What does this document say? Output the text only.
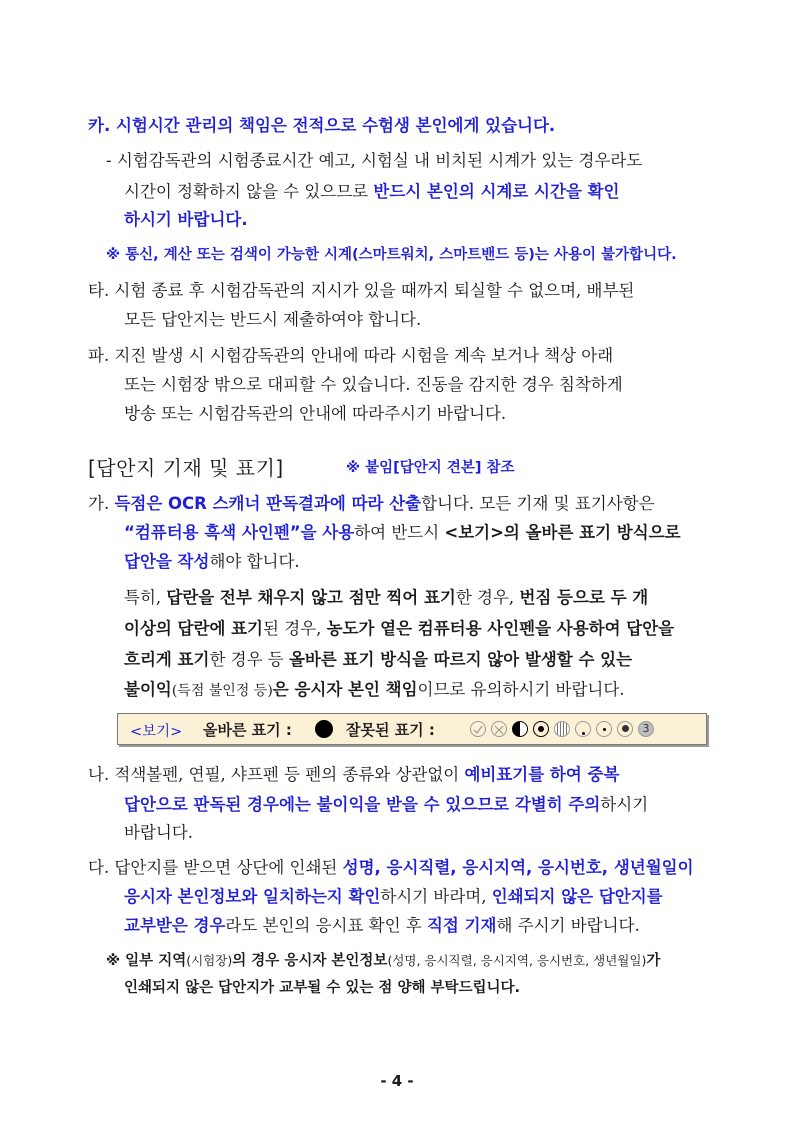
카. 시험시간 관리의 책임은 전적으로 수험생 본인에게 있습니다.
- 시험감독관의 시험종료시간 예고, 시험실 내 비치된 시계가 있는 경우라도
시간이 정확하지 않을 수 있으므로 반드시 본인의 시계로 시간을 확인
하시기 바랍니다.
※ 통신, 계산 또는 검색이 가능한 시계(스마트워치, 스마트밴드 등)는 사용이 불가합니다.
타. 시험 종료 후 시험감독관의 지시가 있을 때까지 퇴실할 수 없으며, 배부된
모든 답안지는 반드시 제출하여야 합니다.
파. 지진 발생 시 시험감독관의 안내에 따라 시험을 계속 보거나 책상 아래
또는 시험장 밖으로 대피할 수 있습니다. 진동을 감지한 경우 침착하게
방송 또는 시험감독관의 안내에 따라주시기 바랍니다.
[답안지 기재 및 표기]	※ 붙임[답안지 견본] 참조
가. 득점은 OCR 스캐너 판독결과에 따라 산출합니다. 모든 기재 및 표기사항은
“컴퓨터용 흑색 사인펜”을 사용하여 반드시 <보기>의 올바른 표기 방식으로
답안을 작성해야 합니다.
특히, 답란을 전부 채우지 않고 점만 찍어 표기한 경우, 번짐 등으로 두 개
이상의 답란에 표기된 경우, 농도가 옅은 컴퓨터용 사인펜을 사용하여 답안을
흐리게 표기한 경우 등 올바른 표기 방식을 따르지 않아 발생할 수 있는
불이익(득점 불인정 등)은 응시자 본인 책임이므로 유의하시기 바랍니다.
<보기> 올바른 표기 :	잘못된 표기 :	3
나. 적색볼펜, 연필, 샤프펜 등 펜의 종류와 상관없이 예비표기를 하여 중복
답안으로 판독된 경우에는 불이익을 받을 수 있으므로 각별히 주의하시기
바랍니다.
다. 답안지를 받으면 상단에 인쇄된 성명, 응시직렬, 응시지역, 응시번호, 생년월일이
응시자 본인정보와 일치하는지 확인하시기 바라며, 인쇄되지 않은 답안지를
교부받은 경우라도 본인의 응시표 확인 후 직접 기재해 주시기 바랍니다.
※ 일부 지역(시험장)의 경우 응시자 본인정보(성명, 응시직렬, 응시지역, 응시번호, 생년월일)가
인쇄되지 않은 답안지가 교부될 수 있는 점 양해 부탁드립니다.
- 4 -
